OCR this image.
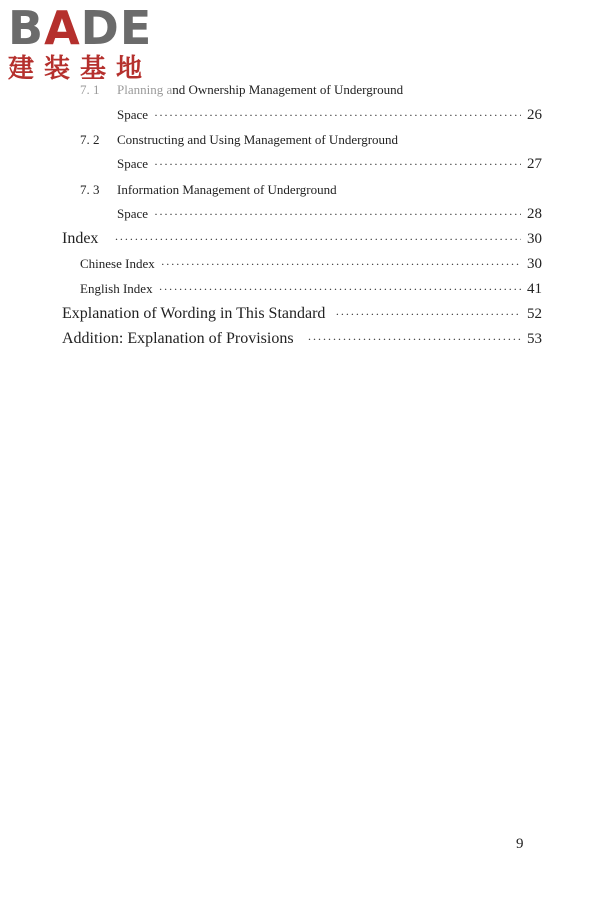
7. 1 Planning and Ownership Management of Underground
Space ·····	26
7. 2 Constructing and Using Management of Underground
Space ·····	27
7. 3 Information Management of Underground
Space ·····	28
Index ·····	30
Chinese Index ·····	30
English Index ·····	41
Explanation of Wording in This Standard ·····	52
Addition: Explanation of Provisions ·····	53
BADE
建装基地
9
